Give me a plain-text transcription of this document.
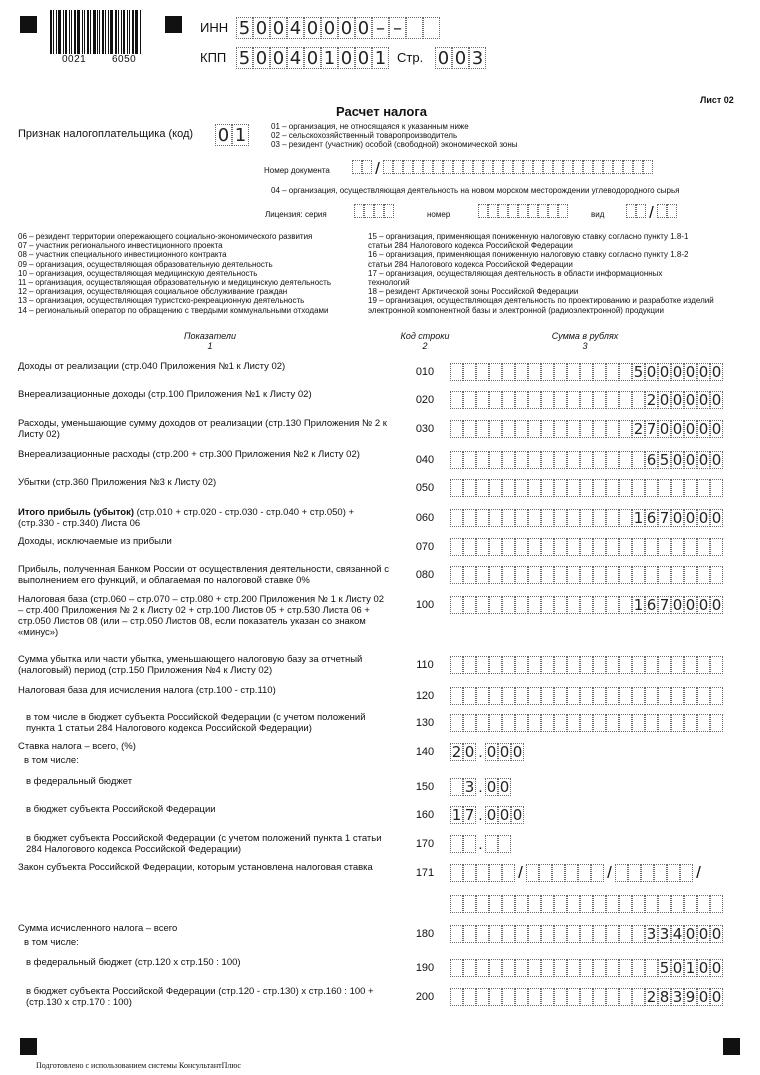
0021	6050
ИНН 5 0 0 4 0 0 0 0 – –
КПП 5 0 0 4 0 1 0 0 1 Стр. 0 0 3
Лист 02
Расчет налога
Признак налогоплательщика (код) 0 1	01 – организация, не относящаяся к указанным ниже
02 – сельскохозяйственный товаропроизводитель
03 – резидент (участник) особой (свободной) экономической зоны
Номер документа	/
04 – организация, осуществляющая деятельность на новом морском месторождении углеводородного сырья
Лицензия: серия	номер	вид	/
06 – резидент территории опережающего социально-экономического развития
07 – участник регионального инвестиционного проекта
08 – участник специального инвестиционного контракта
09 – организация, осуществляющая образовательную деятельность
10 – организация, осуществляющая медицинскую деятельность
11 – организация, осуществляющая образовательную и медицинскую деятельность
12 – организация, осуществляющая социальное обслуживание граждан
13 – организация, осуществляющая туристско-рекреационную деятельность
14 – региональный оператор по обращению с твердыми коммунальными отходами
15 – организация, применяющая пониженную налоговую ставку согласно пункту 1.8-1
статьи 284 Налогового кодекса Российской Федерации
16 – организация, применяющая пониженную налоговую ставку согласно пункту 1.8-2
статьи 284 Налогового кодекса Российской Федерации
17 – организация, осуществляющая деятельность в области информационных
технологий
18 – резидент Арктической зоны Российской Федерации
19 – организация, осуществляющая деятельность по проектированию и разработке изделий
электронной компонентной базы и электронной (радиоэлектронной) продукции
Показатели
1
Код строки
2
Сумма в рублях
3
Доходы от реализации (стр.040 Приложения №1 к Листу 02)	010	5 0 0 0 0 0 0
Внереализационные доходы (стр.100 Приложения №1 к Листу 02)	020	2 0 0 0 0 0
Расходы, уменьшающие сумму доходов от реализации (стр.130 Приложения № 2 к Листу 02)	030	2 7 0 0 0 0 0
Внереализационные расходы (стр.200 + стр.300 Приложения №2 к Листу 02)	040	6 5 0 0 0 0
Убытки (стр.360 Приложения №3 к Листу 02)	050
Итого прибыль (убыток) (стр.010 + стр.020 - стр.030 - стр.040 + стр.050) + (стр.330 - стр.340) Листа 06	060	1 6 7 0 0 0 0
Доходы, исключаемые из прибыли	070
Прибыль, полученная Банком России от осуществления деятельности, связанной с выполнением его функций, и облагаемая по налоговой ставке 0%	080
Налоговая база (стр.060 – стр.070 – стр.080 + стр.200 Приложения № 1 к Листу 02 – стр.400 Приложения № 2 к Листу 02 + стр.100 Листов 05 + стр.530 Листа 06 + стр.050 Листов 08 (или – стр.050 Листов 08, если показатель указан со знаком «минус»)
100	1 6 7 0 0 0 0
Сумма убытка или части убытка, уменьшающего налоговую базу за отчетный (налоговый) период (стр.150 Приложения №4 к Листу 02)	110
Налоговая база для исчисления налога (стр.100 - стр.110)	120
в том числе в бюджет субъекта Российской Федерации (с учетом положений пункта 1 статьи 284 Налогового кодекса Российской Федерации)	130
Ставка налога – всего, (%)
в том числе:
140	2 0 . 0 0 0
в федеральный бюджет	150	3 . 0 0
в бюджет субъекта Российской Федерации	160	1 7 . 0 0 0
в бюджет субъекта Российской Федерации (с учетом положений пункта 1 статьи 284 Налогового кодекса Российской Федерации)	170	.
Закон субъекта Российской Федерации, которым установлена налоговая ставка	171	/	/	/
Сумма исчисленного налога – всего
в том числе:
180	3 3 4 0 0 0
в федеральный бюджет (стр.120 х стр.150 : 100)	190	5 0 1 0 0
в бюджет субъекта Российской Федерации (стр.120 - стр.130) х стр.160 : 100 + (стр.130 х стр.170 : 100)	200	2 8 3 9 0 0
Подготовлено с использованием системы КонсультантПлюс
